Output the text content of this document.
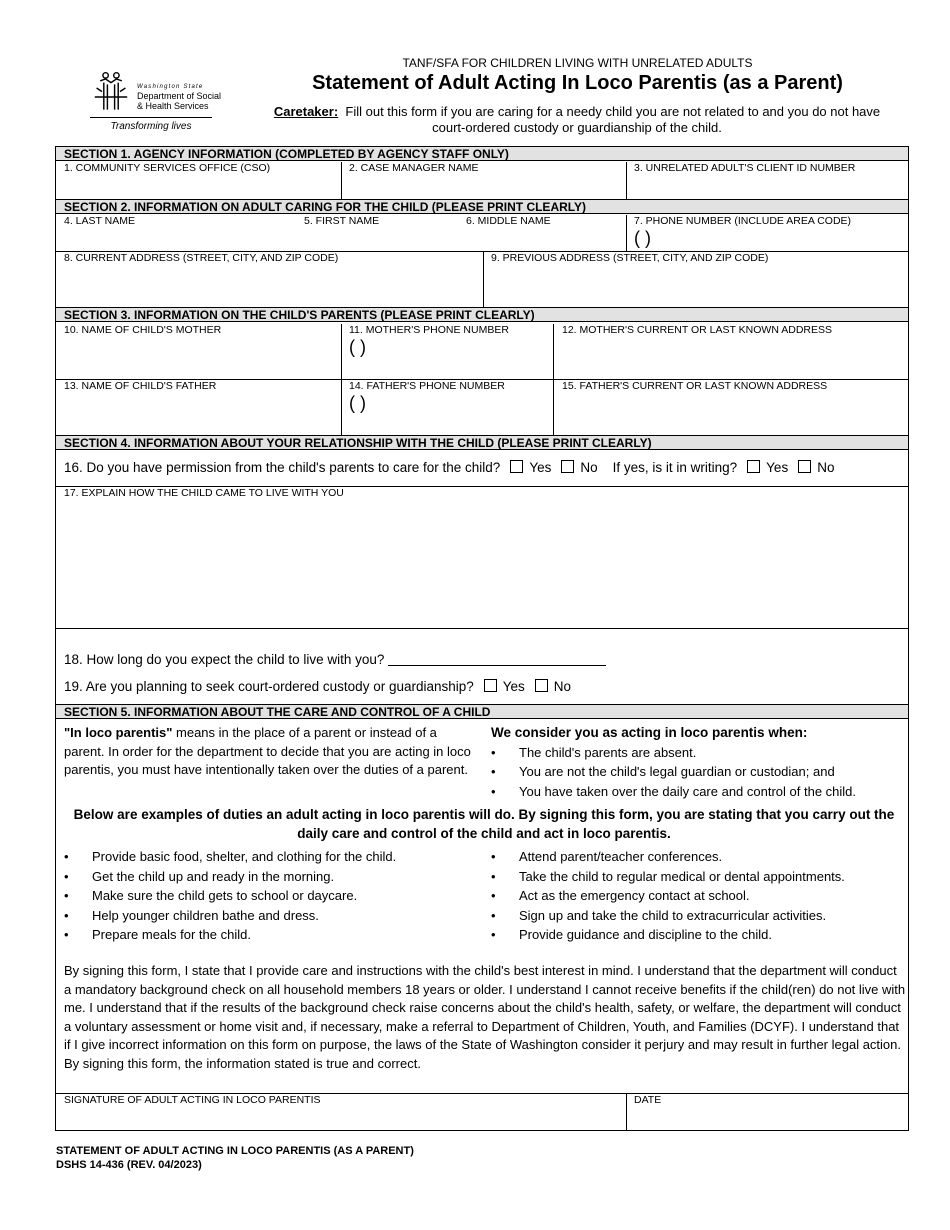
Washington State
Department of Social
& Health Services
Transforming lives
TANF/SFA FOR CHILDREN LIVING WITH UNRELATED ADULTS
Statement of Adult Acting In Loco Parentis (as a Parent)
Caretaker: Fill out this form if you are caring for a needy child you are not related to and you do not have court-ordered custody or guardianship of the child.
SECTION 1. AGENCY INFORMATION (COMPLETED BY AGENCY STAFF ONLY)
1. COMMUNITY SERVICES OFFICE (CSO)	2. CASE MANAGER NAME	3. UNRELATED ADULT'S CLIENT ID NUMBER
SECTION 2. INFORMATION ON ADULT CARING FOR THE CHILD (PLEASE PRINT CLEARLY)
4. LAST NAME	5. FIRST NAME	6. MIDDLE NAME	7. PHONE NUMBER (INCLUDE AREA CODE)
( )
8. CURRENT ADDRESS (STREET, CITY, AND ZIP CODE)	9. PREVIOUS ADDRESS (STREET, CITY, AND ZIP CODE)
SECTION 3. INFORMATION ON THE CHILD'S PARENTS (PLEASE PRINT CLEARLY)
10. NAME OF CHILD'S MOTHER	11. MOTHER'S PHONE NUMBER	12. MOTHER'S CURRENT OR LAST KNOWN ADDRESS
( )
13. NAME OF CHILD'S FATHER	14. FATHER'S PHONE NUMBER	15. FATHER'S CURRENT OR LAST KNOWN ADDRESS
( )
SECTION 4. INFORMATION ABOUT YOUR RELATIONSHIP WITH THE CHILD (PLEASE PRINT CLEARLY)
16. Do you have permission from the child's parents to care for the child? Yes No If yes, is it in writing? Yes No
17. EXPLAIN HOW THE CHILD CAME TO LIVE WITH YOU
18. How long do you expect the child to live with you?
19. Are you planning to seek court-ordered custody or guardianship? Yes No
SECTION 5. INFORMATION ABOUT THE CARE AND CONTROL OF A CHILD
"In loco parentis" means in the place of a parent or instead of a parent. In order for the department to decide that you are acting in loco parentis, you must have intentionally taken over the duties of a parent.
We consider you as acting in loco parentis when:
• The child's parents are absent.
• You are not the child's legal guardian or custodian; and
• You have taken over the daily care and control of the child.
Below are examples of duties an adult acting in loco parentis will do. By signing this form, you are stating that you carry out the daily care and control of the child and act in loco parentis.
• Provide basic food, shelter, and clothing for the child.
• Get the child up and ready in the morning.
• Make sure the child gets to school or daycare.
• Help younger children bathe and dress.
• Prepare meals for the child.
• Attend parent/teacher conferences.
• Take the child to regular medical or dental appointments.
• Act as the emergency contact at school.
• Sign up and take the child to extracurricular activities.
• Provide guidance and discipline to the child.
By signing this form, I state that I provide care and instructions with the child's best interest in mind. I understand that the department will conduct a mandatory background check on all household members 18 years or older. I understand I cannot receive benefits if the child(ren) do not live with me. I understand that if the results of the background check raise concerns about the child's health, safety, or welfare, the department will conduct a voluntary assessment or home visit and, if necessary, make a referral to Department of Children, Youth, and Families (DCYF). I understand that if I give incorrect information on this form on purpose, the laws of the State of Washington consider it perjury and may result in further legal action. By signing this form, the information stated is true and correct.
SIGNATURE OF ADULT ACTING IN LOCO PARENTIS	DATE
STATEMENT OF ADULT ACTING IN LOCO PARENTIS (AS A PARENT)
DSHS 14-436 (REV. 04/2023)
